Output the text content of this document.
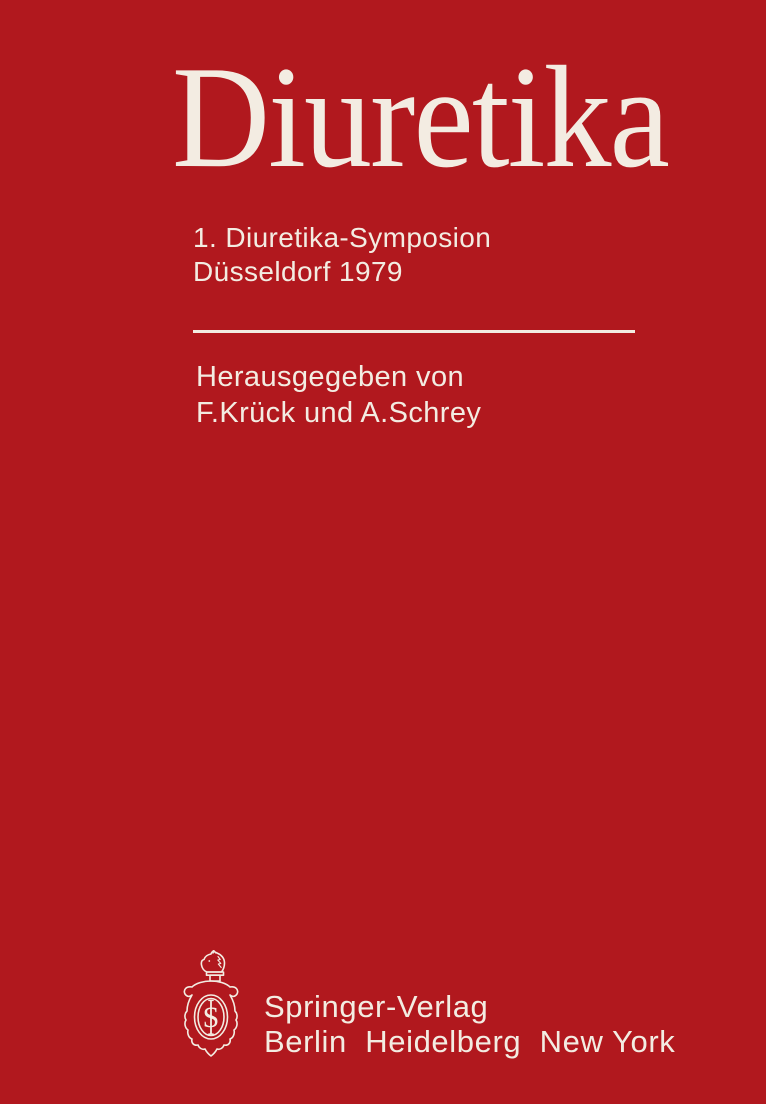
Diuretika
1. Diuretika-Symposion
Düsseldorf 1979
Herausgegeben von
F.Krück und A.Schrey
S Springer-Verlag
Berlin  Heidelberg  New York
